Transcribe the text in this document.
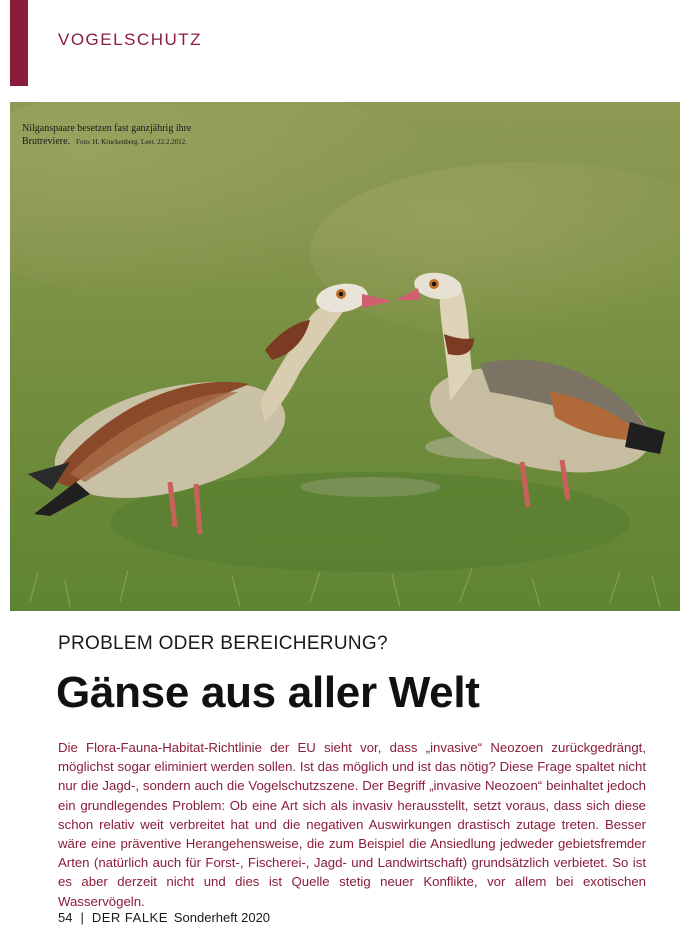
VOGELSCHUTZ
Nilganspaare besetzen fast ganzjährig ihre
Brutreviere. Foto: H. Kruckenberg. Leer, 22.2.2012.
PROBLEM ODER BEREICHERUNG?
Gänse aus aller Welt

Die Flora-Fauna-Habitat-Richtlinie der EU sieht vor, dass „invasive“ Neozoen zurückgedrängt, möglichst sogar eliminiert werden sollen. Ist das möglich und ist das nötig? Diese Frage spaltet nicht nur die Jagd-, sondern auch die Vogelschutzszene. Der Begriff „invasive Neozoen“ beinhaltet jedoch ein grundlegendes Problem: Ob eine Art sich als invasiv herausstellt, setzt voraus, dass sich diese schon relativ weit verbreitet hat und die negativen Auswirkungen drastisch zutage treten. Besser wäre eine präventive Herangehensweise, die zum Beispiel die Ansiedlung jedweder gebietsfremder Arten (natürlich auch für Forst-, Fischerei-, Jagd- und Landwirtschaft) grundsätzlich verbietet. So ist es aber derzeit nicht und dies ist Quelle stetig neuer Konflikte, vor allem bei exotischen Wasservögeln.

54 | DER FALKE Sonderheft 2020
